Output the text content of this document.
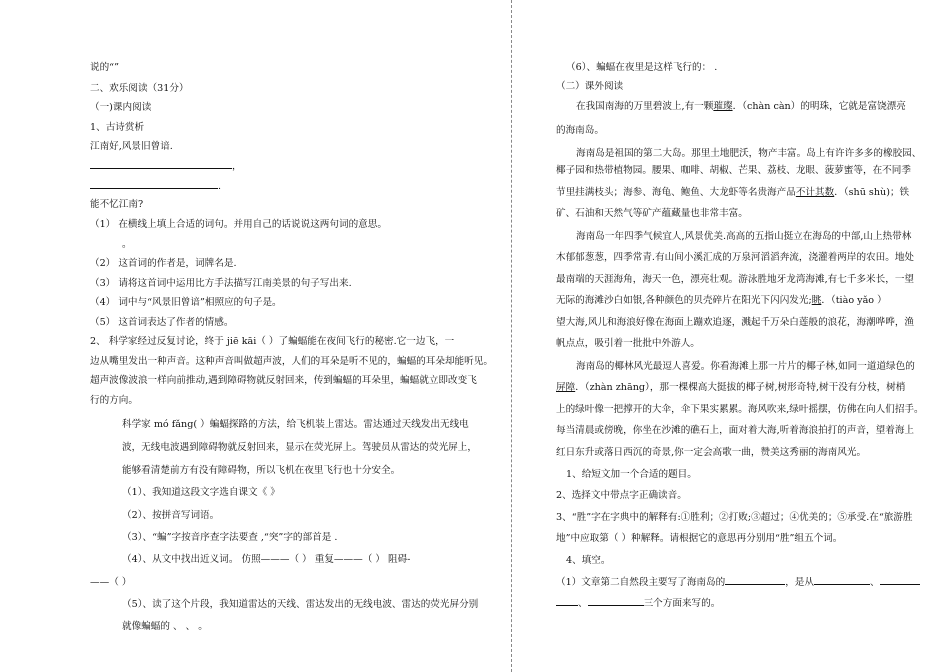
说的“”
二、欢乐阅读（31分）
（一)课内阅读
1、古诗赏析
江南好,风景旧曾谙.
，
.
能不忆江南?
（1） 在横线上填上合适的词句。并用自己的话说说这两句词的意思。
。
（2） 这首词的作者是，词牌名是.
（3） 请将这首词中运用比方手法描写江南美景的句子写出来.
（4） 词中与“风景旧曾谙”相照应的句子是。
（5） 这首词表达了作者的情感。
2、 科学家经过反复讨论，终于 jiē kāi（ ）了蝙蝠能在夜间飞行的秘密.它一边飞，一
边从嘴里发出一种声音。这种声音叫做超声波，人们的耳朵是听不见的，蝙蝠的耳朵却能听见。
超声波像波浪一样向前推动,遇到障碍物就反射回来，传到蝙蝠的耳朵里，蝙蝠就立即改变飞
行的方向。
科学家 mó fǎng( ）蝙蝠探路的方法，给飞机装上雷达。雷达通过天线发出无线电
波，无线电波遇到障碍物就反射回来，显示在荧光屏上。驾驶员从雷达的荧光屏上，
能够看清楚前方有没有障碍物，所以飞机在夜里飞行也十分安全。
（1）、我知道这段文字选自课文《 》
（2）、按拼音写词语。
（3）、“蝙”字按音序查字法要查 ,“突”字的部首是 .
（4）、从文中找出近义词。 仿照———（ ） 重复———（ ） 阻碍-
——（ ）
（5）、读了这个片段，我知道雷达的天线、雷达发出的无线电波、雷达的荧光屏分别
就像蝙蝠的 、 、 。
（6）、蝙蝠在夜里是这样飞行的： .
（二）课外阅读
在我国南海的万里碧波上,有一颗璀璨．（chàn càn）的明珠，它就是富饶漂亮
的海南岛。
海南岛是祖国的第二大岛。那里土地肥沃，物产丰富。岛上有许许多多的橡胶园、
椰子园和热带植物园。腰果、咖啡、胡椒、芒果、荔枝、龙眼、菠萝蜜等，在不同季
节里挂满枝头；海参、海龟、鲍鱼、大龙虾等名贵海产品不计其数．（shū shù)；铁
矿、石油和天然气等矿产蕴藏量也非常丰富。
海南岛一年四季气候宜人,风景优美.高高的五指山挺立在海岛的中部,山上热带林
木郁郁葱葱，四季常青.有山间小溪汇成的万泉河滔滔奔流，浇灌着两岸的农田。地处
最南端的天涯海角，海天一色，漂亮壮观。游泳胜地牙龙湾海滩,有七千多米长，一望
无际的海滩沙白如银,各种颜色的贝壳碎片在阳光下闪闪发光;眺．（tiào yǎo ）
望大海,风儿和海浪好像在海面上蹦欢追逐，溅起千万朵白莲般的浪花，海潮哗哗，渔
帆点点，吸引着一批批中外游人。
海南岛的椰林风光最逗人喜爱。你看海滩上那一片片的椰子林,如同一道道绿色的
屏障．（zhàn zhāng），那一棵棵高大挺拔的椰子树,树形奇特,树干没有分枝，树梢
上的绿叶像一把撑开的大伞，伞下果实累累。海风吹来,绿叶摇摆，仿佛在向人们招手。
每当清晨或傍晚，你坐在沙滩的礁石上，面对着大海,听着海浪拍打的声音，望着海上
红日东升或落日西沉的奇景,你一定会高歌一曲，赞美这秀丽的海南风光。
1、给短文加一个合适的题目。
2、选择文中带点字正确读音。
3、“胜”字在字典中的解释有:①胜利；②打败;③超过；④优美的；⑤承受.在“旅游胜
地”中应取第（ ）种解释。请根据它的意思再分别用“胜”组五个词。
4、填空。
（1）文章第二自然段主要写了海南岛的	，是从	、
、	三个方面来写的。
